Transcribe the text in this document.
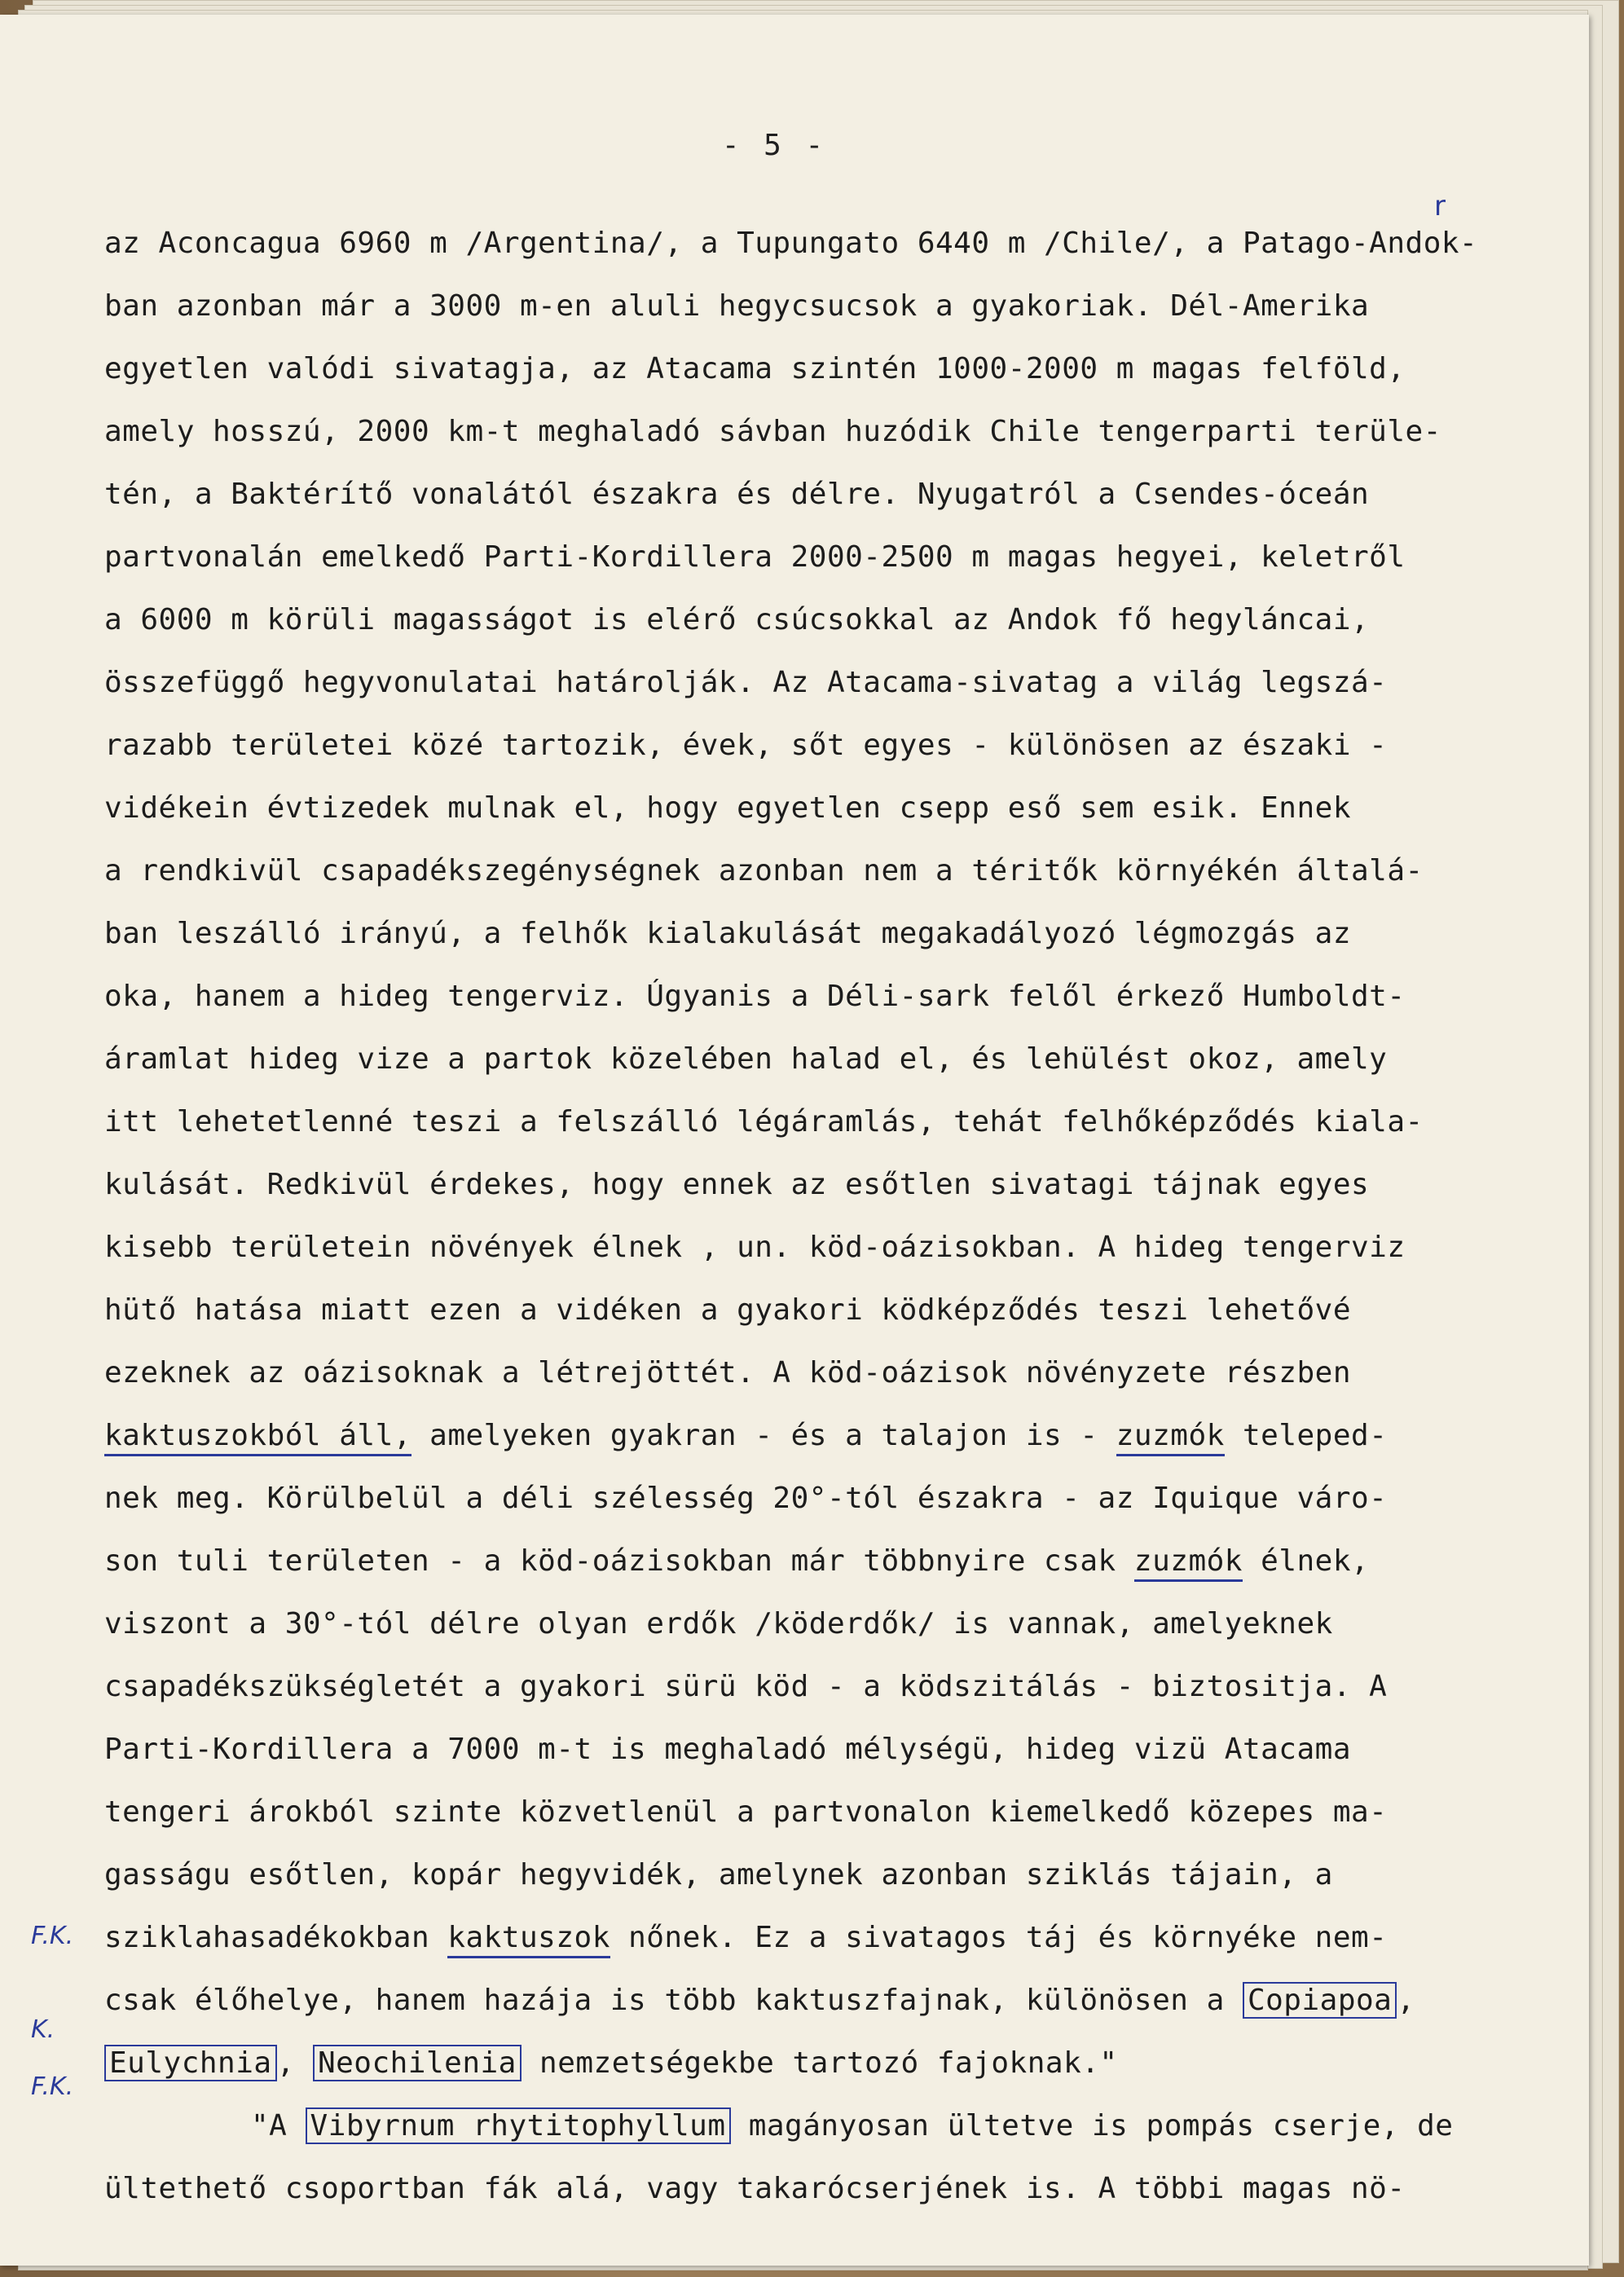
- 5 -
r
az Aconcagua 6960 m /Argentina/, a Tupungato 6440 m /Chile/, a Patago-Andok-
ban azonban már a 3000 m-en aluli hegycsucsok a gyakoriak. Dél-Amerika
egyetlen valódi sivatagja, az Atacama szintén 1000-2000 m magas felföld,
amely hosszú, 2000 km-t meghaladó sávban huzódik Chile tengerparti terüle-
tén, a Baktérítő vonalától északra és délre. Nyugatról a Csendes-óceán
partvonalán emelkedő Parti-Kordillera 2000-2500 m magas hegyei, keletről
a 6000 m körüli magasságot is elérő csúcsokkal az Andok fő hegyláncai,
összefüggő hegyvonulatai határolják. Az Atacama-sivatag a világ legszá-
razabb területei közé tartozik, évek, sőt egyes - különösen az északi -
vidékein évtizedek mulnak el, hogy egyetlen csepp eső sem esik. Ennek
a rendkivül csapadékszegénységnek azonban nem a téritők környékén általá-
ban leszálló irányú, a felhők kialakulását megakadályozó légmozgás az
oka, hanem a hideg tengerviz. Úgyanis a Déli-sark felől érkező Humboldt-
áramlat hideg vize a partok közelében halad el, és lehülést okoz, amely
itt lehetetlenné teszi a felszálló légáramlás, tehát felhőképződés kiala-
kulását. Redkivül érdekes, hogy ennek az esőtlen sivatagi tájnak egyes
kisebb területein növények élnek , un. köd-oázisokban. A hideg tengerviz
hütő hatása miatt ezen a vidéken a gyakori ködképződés teszi lehetővé
ezeknek az oázisoknak a létrejöttét. A köd-oázisok növényzete részben
kaktuszokból áll, amelyeken gyakran - és a talajon is - zuzmók teleped-
nek meg. Körülbelül a déli szélesség 20°-tól északra - az Iquique váro-
son tuli területen - a köd-oázisokban már többnyire csak zuzmók élnek,
viszont a 30°-tól délre olyan erdők /köderdők/ is vannak, amelyeknek
csapadékszükségletét a gyakori sürü köd - a ködszitálás - biztositja. A
Parti-Kordillera a 7000 m-t is meghaladó mélységü, hideg vizü Atacama
tengeri árokból szinte közvetlenül a partvonalon kiemelkedő közepes ma-
gasságu esőtlen, kopár hegyvidék, amelynek azonban sziklás tájain, a
sziklahasadékokban kaktuszok nőnek. Ez a sivatagos táj és környéke nem-
csak élőhelye, hanem hazája is több kaktuszfajnak, különösen a Copiapoa ,
Eulychnia , Neochilenia nemzetségekbe tartozó fajoknak."
"A Vibyrnum rhytitophyllum magányosan ültetve is pompás cserje, de
ültethető csoportban fák alá, vagy takarócserjének is. A többi magas nö-
F.K.
K.
F.K.
